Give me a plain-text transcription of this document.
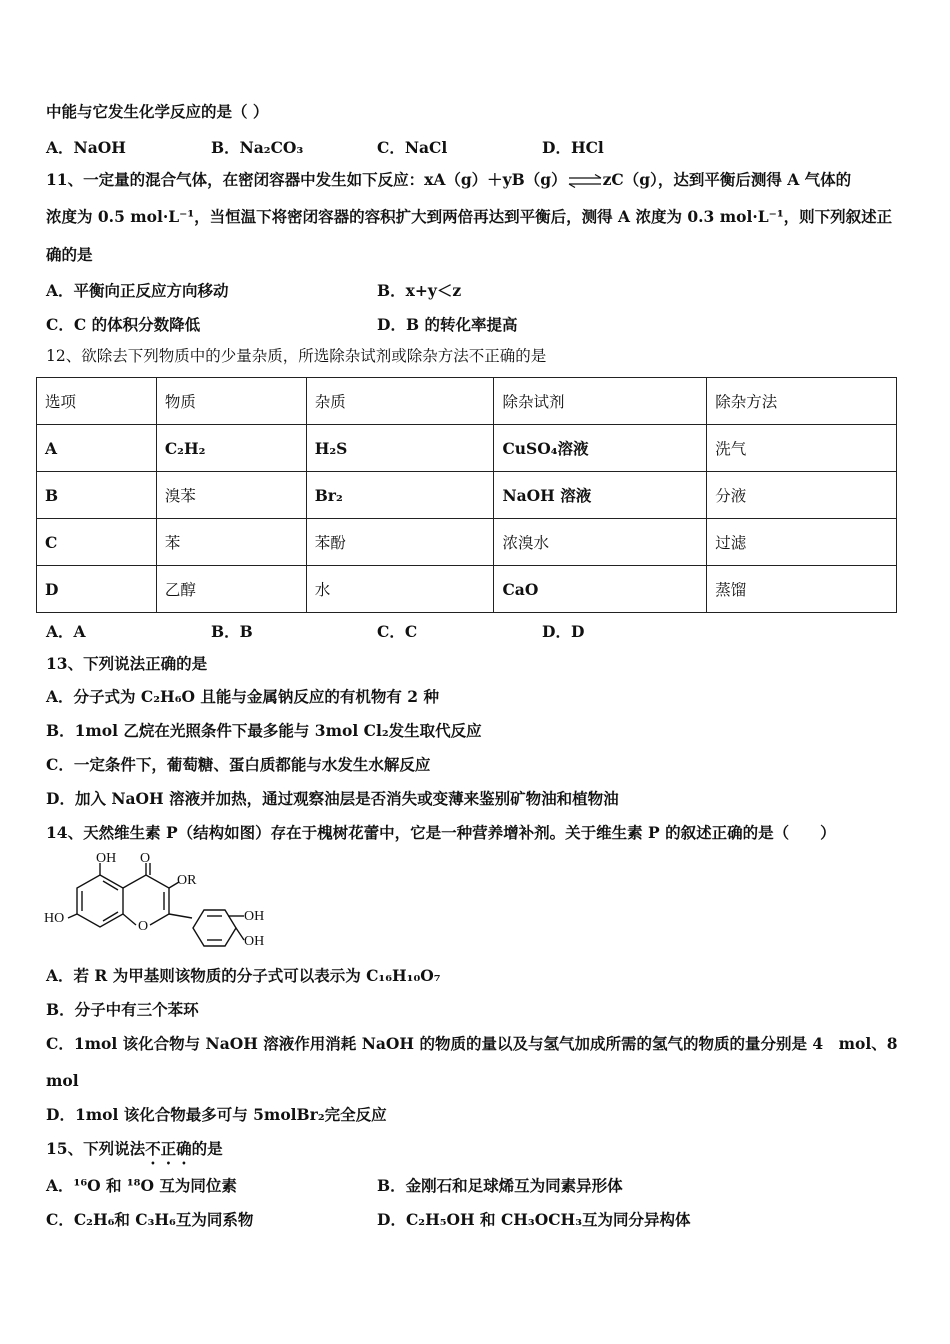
中能与它发生化学反应的是（ ）
A．NaOH	B．Na₂CO₃	C．NaCl	D．HCl
11、一定量的混合气体，在密闭容器中发生如下反应：xA（g）＋yB（g）⇌zC（g），达到平衡后测得 A 气体的
浓度为 0.5 mol·L⁻¹，当恒温下将密闭容器的容积扩大到两倍再达到平衡后，测得 A 浓度为 0.3 mol·L⁻¹，则下列叙述正
确的是
A．平衡向正反应方向移动	B．x+y＜z
C．C 的体积分数降低	D．B 的转化率提高
12、欲除去下列物质中的少量杂质，所选除杂试剂或除杂方法不正确的是
选项	物质	杂质	除杂试剂	除杂方法
A	C₂H₂	H₂S	CuSO₄溶液	洗气
B	溴苯	Br₂	NaOH 溶液	分液
C	苯	苯酚	浓溴水	过滤
D	乙醇	水	CaO	蒸馏
A．A	B．B	C．C	D．D
13、下列说法正确的是
A．分子式为 C₂H₆O 且能与金属钠反应的有机物有 2 种
B．1mol 乙烷在光照条件下最多能与 3mol Cl₂发生取代反应
C．一定条件下，葡萄糖、蛋白质都能与水发生水解反应
D．加入 NaOH 溶液并加热，通过观察油层是否消失或变薄来鉴别矿物油和植物油
14、天然维生素 P（结构如图）存在于槐树花蕾中，它是一种营养增补剂。关于维生素 P 的叙述正确的是（　　）
OH O
OR
HO
O
OH
OH
A．若 R 为甲基则该物质的分子式可以表示为 C₁₆H₁₀O₇
B．分子中有三个苯环
C．1mol 该化合物与 NaOH 溶液作用消耗 NaOH 的物质的量以及与氢气加成所需的氢气的物质的量分别是 4　mol、8
mol
D．1mol 该化合物最多可与 5molBr₂完全反应
15、下列说法不正确的是
A．¹⁶O 和 ¹⁸O 互为同位素	B．金刚石和足球烯互为同素异形体
C．C₂H₆和 C₃H₆互为同系物	D．C₂H₅OH 和 CH₃OCH₃互为同分异构体
